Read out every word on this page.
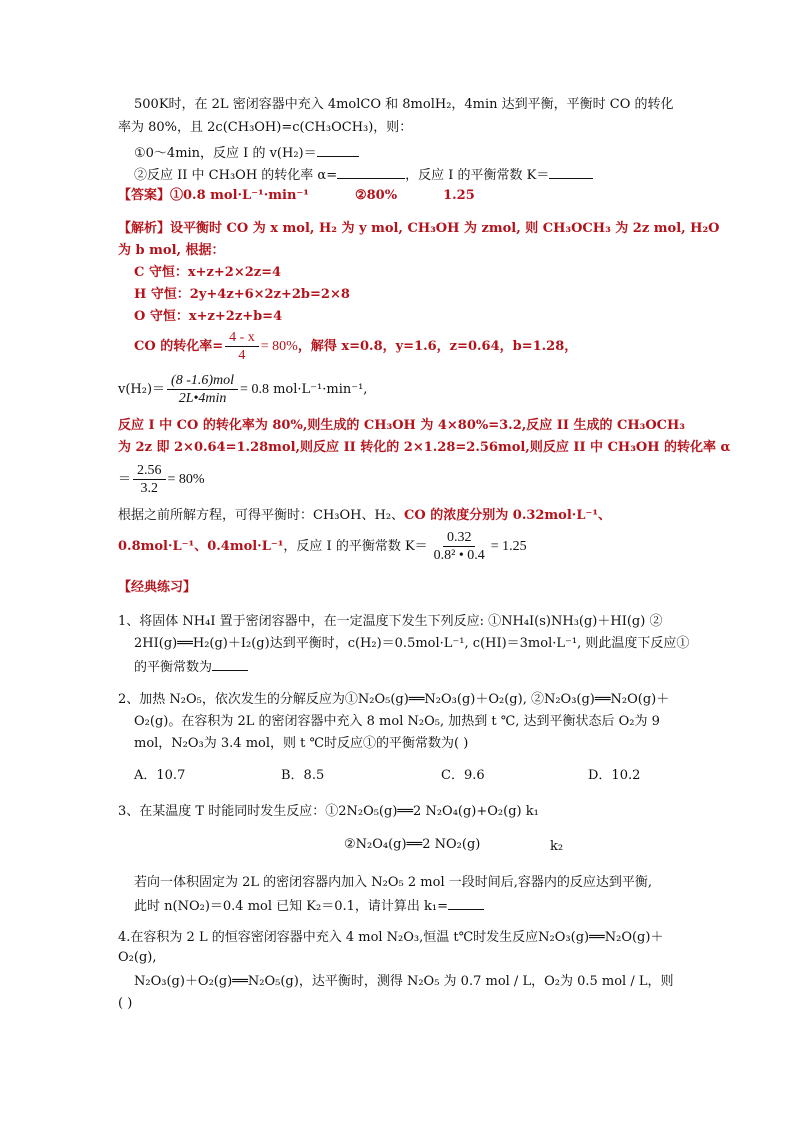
500K时，在 2L 密闭容器中充入 4molCO 和 8molH₂，4min 达到平衡，平衡时 CO 的转化
率为 80%，且 2c(CH₃OH)=c(CH₃OCH₃)，则：
①0～4min，反应 I 的 v(H₂)＝
②反应 II 中 CH₃OH 的转化率 α=	，反应 I 的平衡常数 K＝
【答案】①0.8 mol·L⁻¹·min⁻¹	②80%	1.25
【解析】设平衡时 CO 为 x mol, H₂ 为 y mol, CH₃OH 为 zmol, 则 CH₃OCH₃ 为 2z mol, H₂O
为 b mol, 根据：
C 守恒：x+z+2×2z=4
H 守恒：2y+4z+6×2z+2b=2×8
O 守恒：x+z+2z+b=4
CO 的转化率= $\frac{4 - x}{4} = 80\%$，解得 x=0.8，y=1.6，z=0.64，b=1.28，
$v(H_2)= \frac{\text{(8 -1.6)mol}}{2L•4\min} = 0.8$ mol·L⁻¹·min⁻¹,
反应 I 中 CO 的转化率为 80%,则生成的 CH₃OH 为 4×80%=3.2,反应 II 生成的 CH₃OCH₃
为 2z 即 2×0.64=1.28mol,则反应 II 转化的 2×1.28=2.56mol,则反应 II 中 CH₃OH 的转化率 α
＝ $\frac{2.56}{3.2} = 80\%$
根据之前所解方程，可得平衡时：CH₃OH、H₂、CO 的浓度分别为 0.32mol·L⁻¹、
0.8mol·L⁻¹、0.4mol·L⁻¹，反应 I 的平衡常数 $K= \frac{0.32}{\text{0.8² • 0.4}} = 1.25$
【经典练习】
1、将固体 NH₄I 置于密闭容器中，在一定温度下发生下列反应: ①NH₄I(s)NH₃(g)＋HI(g) ②
2HI(g)══H₂(g)＋I₂(g)达到平衡时，c(H₂)＝0.5mol·L⁻¹, c(HI)＝3mol·L⁻¹, 则此温度下反应①
的平衡常数为
2、加热 N₂O₅，依次发生的分解反应为①N₂O₅(g)══N₂O₃(g)＋O₂(g), ②N₂O₃(g)══N₂O(g)＋
O₂(g)。在容积为 2L 的密闭容器中充入 8 mol N₂O₅, 加热到 t ℃, 达到平衡状态后 O₂为 9
mol，N₂O₃为 3.4 mol，则 t ℃时反应①的平衡常数为( )
A．10.7	B．8.5	C．9.6	D．10.2
3、在某温度 T 时能同时发生反应：①2N₂O₅(g)══2 N₂O₄(g)+O₂(g) k₁
②N₂O₄(g)══2 NO₂(g)	k₂
若向一体积固定为 2L 的密闭容器内加入 N₂O₅ 2 mol 一段时间后,容器内的反应达到平衡,
此时 n(NO₂)＝0.4 mol 已知 K₂＝0.1，请计算出 k₁=
4.在容积为 2 L 的恒容密闭容器中充入 4 mol N₂O₃,恒温 t℃时发生反应N₂O₃(g)══N₂O(g)＋
O₂(g),
N₂O₃(g)＋O₂(g)══N₂O₅(g)，达平衡时，测得 N₂O₅ 为 0.7 mol / L，O₂为 0.5 mol / L，则
( )
